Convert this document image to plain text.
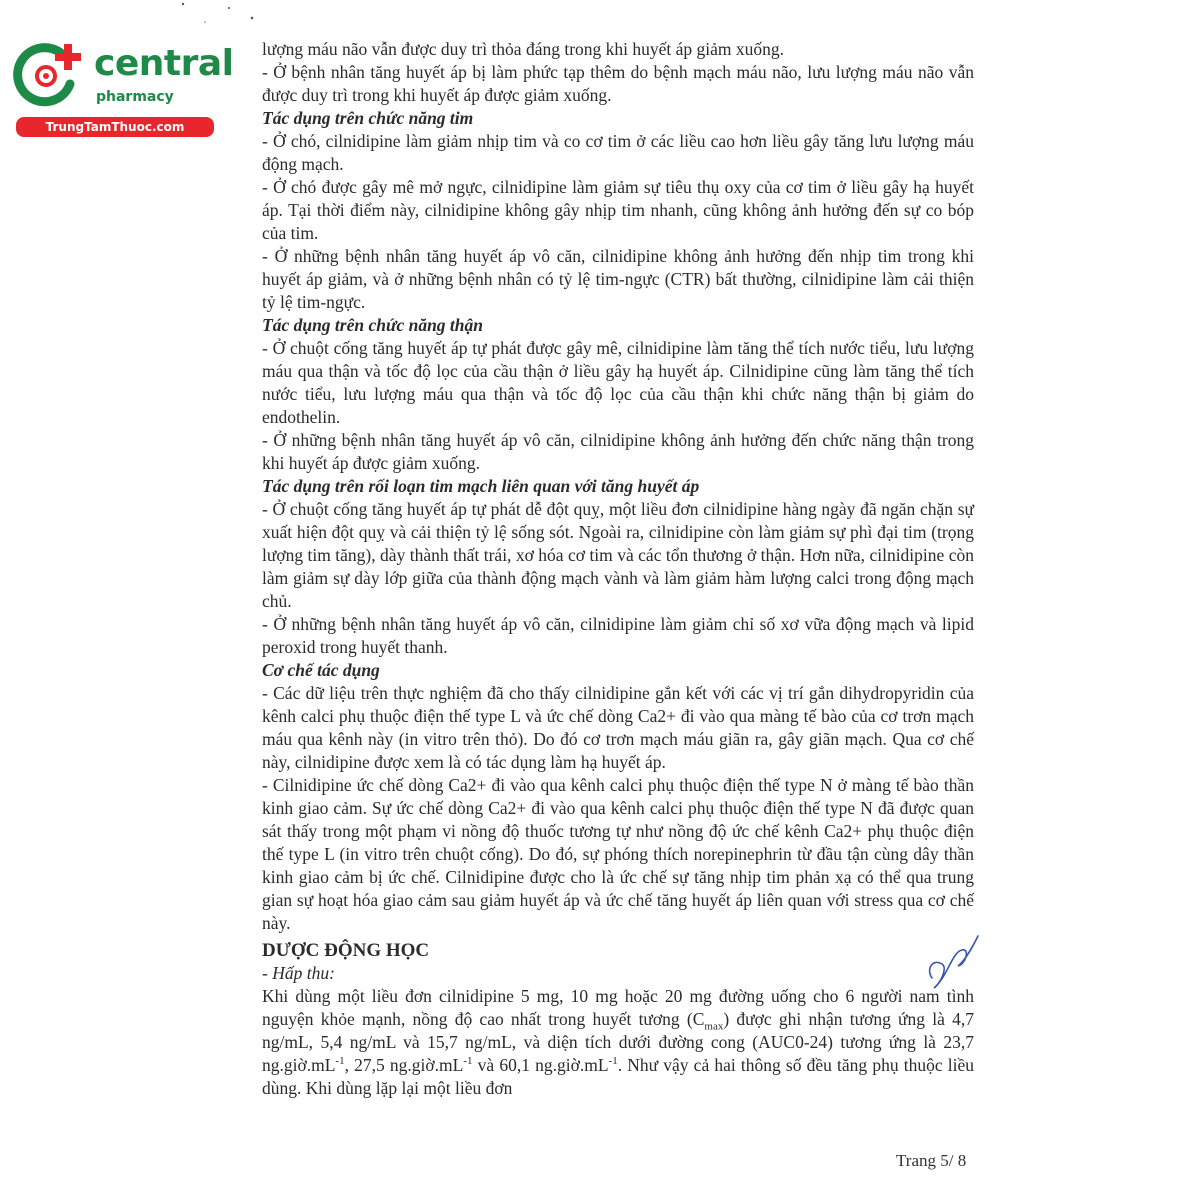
central
pharmacy
TrungTamThuoc.com

lượng máu não vẫn được duy trì thỏa đáng trong khi huyết áp giảm xuống.

- Ở bệnh nhân tăng huyết áp bị làm phức tạp thêm do bệnh mạch máu não, lưu lượng máu não vẫn được duy trì trong khi huyết áp được giảm xuống.

Tác dụng trên chức năng tim

- Ở chó, cilnidipine làm giảm nhịp tim và co cơ tim ở các liều cao hơn liều gây tăng lưu lượng máu động mạch.

- Ở chó được gây mê mở ngực, cilnidipine làm giảm sự tiêu thụ oxy của cơ tim ở liều gây hạ huyết áp. Tại thời điểm này, cilnidipine không gây nhịp tim nhanh, cũng không ảnh hưởng đến sự co bóp của tim.

- Ở những bệnh nhân tăng huyết áp vô căn, cilnidipine không ảnh hưởng đến nhịp tim trong khi huyết áp giảm, và ở những bệnh nhân có tỷ lệ tim-ngực (CTR) bất thường, cilnidipine làm cải thiện tỷ lệ tim-ngực.

Tác dụng trên chức năng thận

- Ở chuột cống tăng huyết áp tự phát được gây mê, cilnidipine làm tăng thể tích nước tiểu, lưu lượng máu qua thận và tốc độ lọc của cầu thận ở liều gây hạ huyết áp. Cilnidipine cũng làm tăng thể tích nước tiểu, lưu lượng máu qua thận và tốc độ lọc của cầu thận khi chức năng thận bị giảm do endothelin.

- Ở những bệnh nhân tăng huyết áp vô căn, cilnidipine không ảnh hưởng đến chức năng thận trong khi huyết áp được giảm xuống.

Tác dụng trên rối loạn tim mạch liên quan với tăng huyết áp

- Ở chuột cống tăng huyết áp tự phát dễ đột quỵ, một liều đơn cilnidipine hàng ngày đã ngăn chặn sự xuất hiện đột quỵ và cải thiện tỷ lệ sống sót. Ngoài ra, cilnidipine còn làm giảm sự phì đại tim (trọng lượng tim tăng), dày thành thất trái, xơ hóa cơ tim và các tổn thương ở thận. Hơn nữa, cilnidipine còn làm giảm sự dày lớp giữa của thành động mạch vành và làm giảm hàm lượng calci trong động mạch chủ.

- Ở những bệnh nhân tăng huyết áp vô căn, cilnidipine làm giảm chỉ số xơ vữa động mạch và lipid peroxid trong huyết thanh.

Cơ chế tác dụng

- Các dữ liệu trên thực nghiệm đã cho thấy cilnidipine gắn kết với các vị trí gắn dihydropyridin của kênh calci phụ thuộc điện thế type L và ức chế dòng Ca2+ đi vào qua màng tế bào của cơ trơn mạch máu qua kênh này (in vitro trên thỏ). Do đó cơ trơn mạch máu giãn ra, gây giãn mạch. Qua cơ chế này, cilnidipine được xem là có tác dụng làm hạ huyết áp.

- Cilnidipine ức chế dòng Ca2+ đi vào qua kênh calci phụ thuộc điện thế type N ở màng tế bào thần kinh giao cảm. Sự ức chế dòng Ca2+ đi vào qua kênh calci phụ thuộc điện thế type N đã được quan sát thấy trong một phạm vi nồng độ thuốc tương tự như nồng độ ức chế kênh Ca2+ phụ thuộc điện thế type L (in vitro trên chuột cống). Do đó, sự phóng thích norepinephrin từ đầu tận cùng dây thần kinh giao cảm bị ức chế. Cilnidipine được cho là ức chế sự tăng nhịp tim phản xạ có thể qua trung gian sự hoạt hóa giao cảm sau giảm huyết áp và ức chế tăng huyết áp liên quan với stress qua cơ chế này.

DƯỢC ĐỘNG HỌC

- Hấp thu:

Khi dùng một liều đơn cilnidipine 5 mg, 10 mg hoặc 20 mg đường uống cho 6 người nam tình nguyện khỏe mạnh, nồng độ cao nhất trong huyết tương $(C_{max})$ được ghi nhận tương ứng là 4,7 ng/mL, 5,4 ng/mL và 15,7 ng/mL, và diện tích dưới đường cong (AUC0-24) tương ứng là 23,7 $ng.giờ.mL^{-1}$, 27,5 $ng.giờ.mL^{-1}$ và 60,1 $ng.giờ.mL^{-1}$. Như vậy cả hai thông số đều tăng phụ thuộc liều dùng. Khi dùng lặp lại một liều đơn

Trang 5/ 8
